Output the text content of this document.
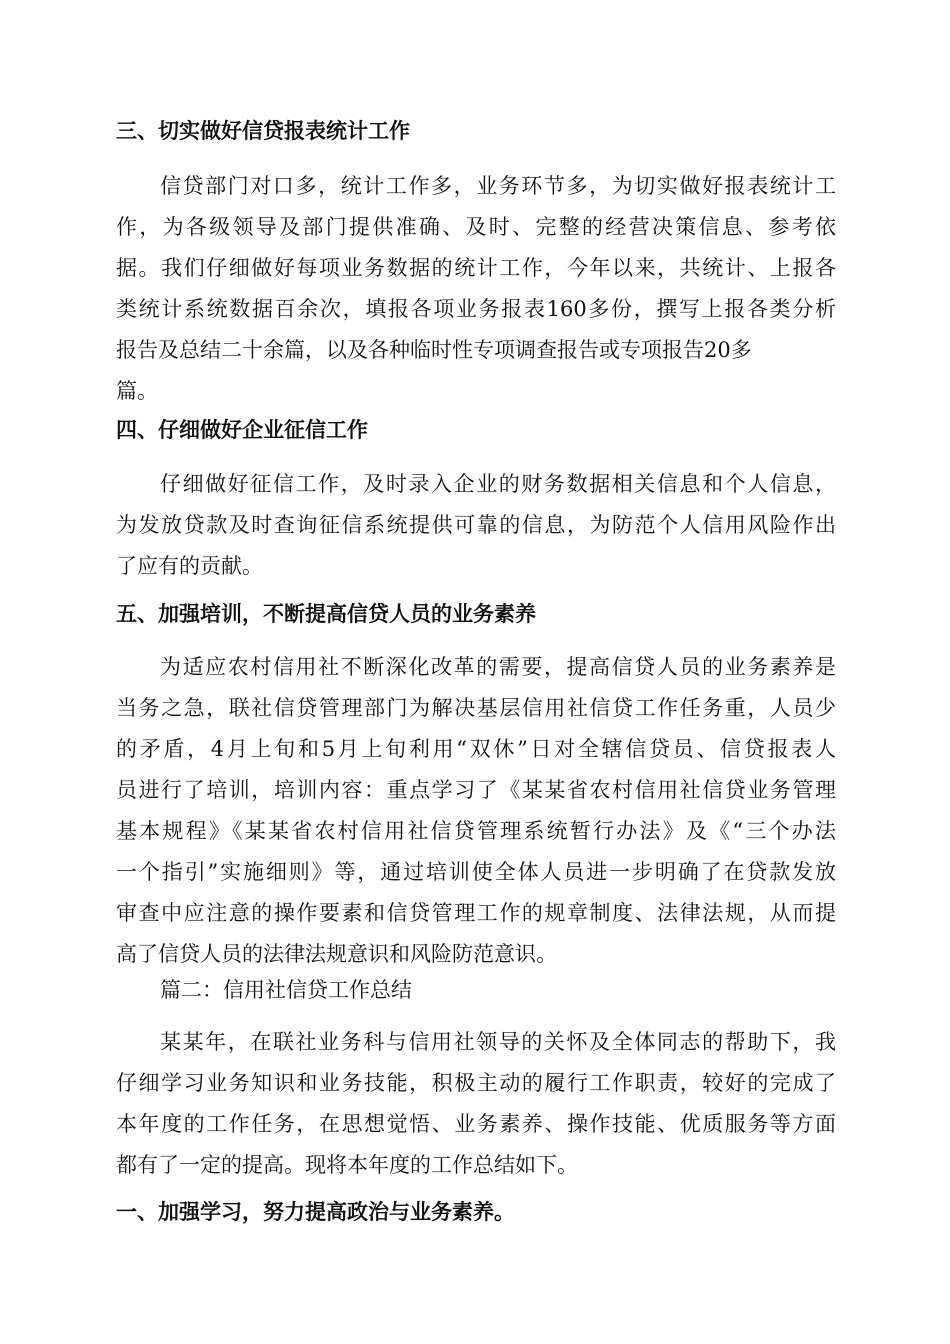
三、切实做好信贷报表统计工作
信贷部门对口多，统计工作多，业务环节多，为切实做好报表统计工
作，为各级领导及部门提供准确、及时、完整的经营决策信息、参考依
据。我们仔细做好每项业务数据的统计工作，今年以来，共统计、上报各
类统计系统数据百余次，填报各项业务报表160多份，撰写上报各类分析
报告及总结二十余篇，以及各种临时性专项调查报告或专项报告20多
篇。
四、仔细做好企业征信工作
仔细做好征信工作，及时录入企业的财务数据相关信息和个人信息，
为发放贷款及时查询征信系统提供可靠的信息，为防范个人信用风险作出
了应有的贡献。
五、加强培训，不断提高信贷人员的业务素养
为适应农村信用社不断深化改革的需要，提高信贷人员的业务素养是
当务之急，联社信贷管理部门为解决基层信用社信贷工作任务重，人员少
的矛盾，4月上旬和5月上旬利用“双休”日对全辖信贷员、信贷报表人
员进行了培训，培训内容：重点学习了《某某省农村信用社信贷业务管理
基本规程》《某某省农村信用社信贷管理系统暂行办法》及《“三个办法
一个指引”实施细则》等，通过培训使全体人员进一步明确了在贷款发放
审查中应注意的操作要素和信贷管理工作的规章制度、法律法规，从而提
高了信贷人员的法律法规意识和风险防范意识。
篇二：信用社信贷工作总结
某某年，在联社业务科与信用社领导的关怀及全体同志的帮助下，我
仔细学习业务知识和业务技能，积极主动的履行工作职责，较好的完成了
本年度的工作任务，在思想觉悟、业务素养、操作技能、优质服务等方面
都有了一定的提高。现将本年度的工作总结如下。
一、加强学习，努力提高政治与业务素养。
